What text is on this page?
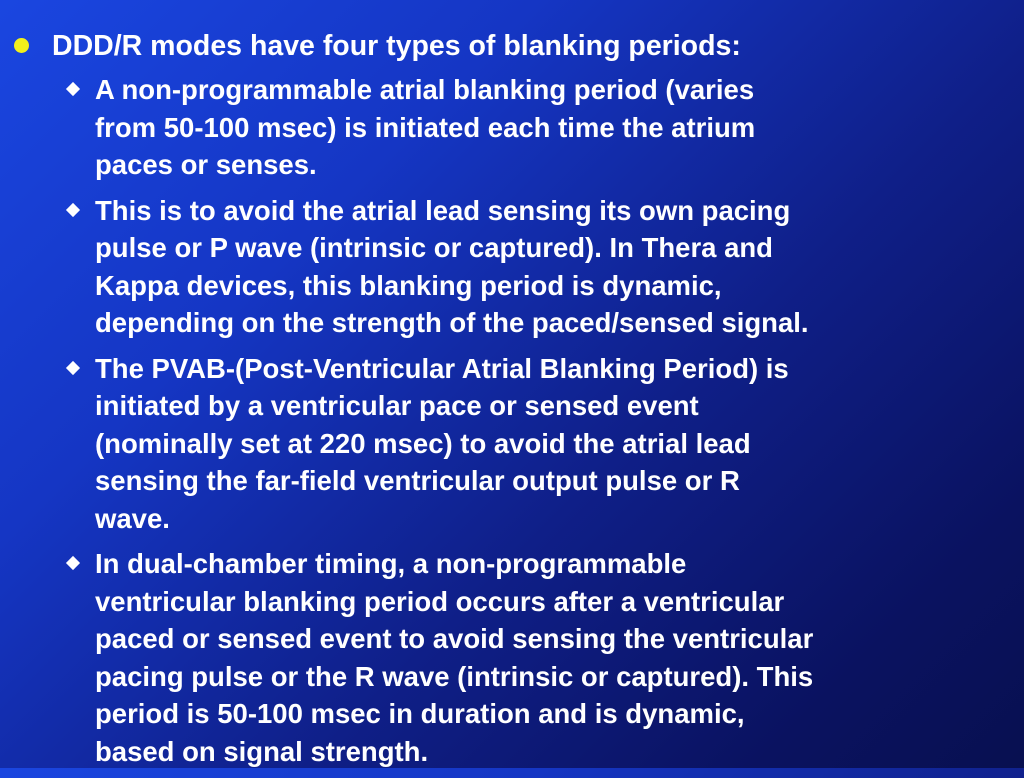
DDD/R modes have four types of blanking periods:
A non-programmable atrial blanking period (varies
from 50-100 msec) is initiated each time the atrium
paces or senses.
This is to avoid the atrial lead sensing its own pacing
pulse or P wave (intrinsic or captured). In Thera and
Kappa devices, this blanking period is dynamic,
depending on the strength of the paced/sensed signal.
The PVAB-(Post-Ventricular Atrial Blanking Period) is
initiated by a ventricular pace or sensed event
(nominally set at 220 msec) to avoid the atrial lead
sensing the far-field ventricular output pulse or R
wave.
In dual-chamber timing, a non-programmable
ventricular blanking period occurs after a ventricular
paced or sensed event to avoid sensing the ventricular
pacing pulse or the R wave (intrinsic or captured). This
period is 50-100 msec in duration and is dynamic,
based on signal strength.
